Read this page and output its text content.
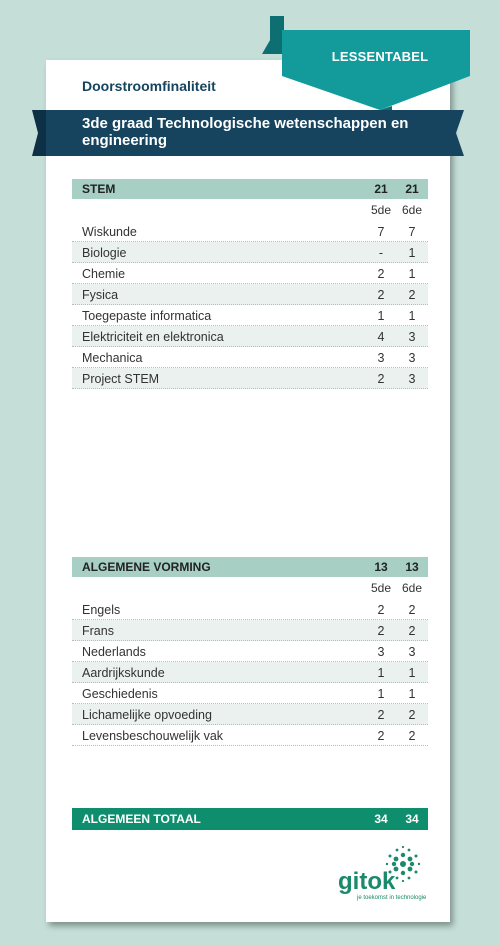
LESSENTABEL
Doorstroomfinaliteit
3de graad Technologische wetenschappen en engineering
STEM	21	21
5de 6de
Wiskunde	7	7
Biologie	-	1
Chemie	2	1
Fysica	2	2
Toegepaste informatica	1	1
Elektriciteit en elektronica	4	3
Mechanica	3	3
Project STEM	2	3
ALGEMENE VORMING	13	13
5de 6de
Engels	2	2
Frans	2	2
Nederlands	3	3
Aardrijkskunde	1	1
Geschiedenis	1	1
Lichamelijke opvoeding	2	2
Levensbeschouwelijk vak	2	2
ALGEMEEN TOTAAL	34	34
gitok
je toekomst in technologie
